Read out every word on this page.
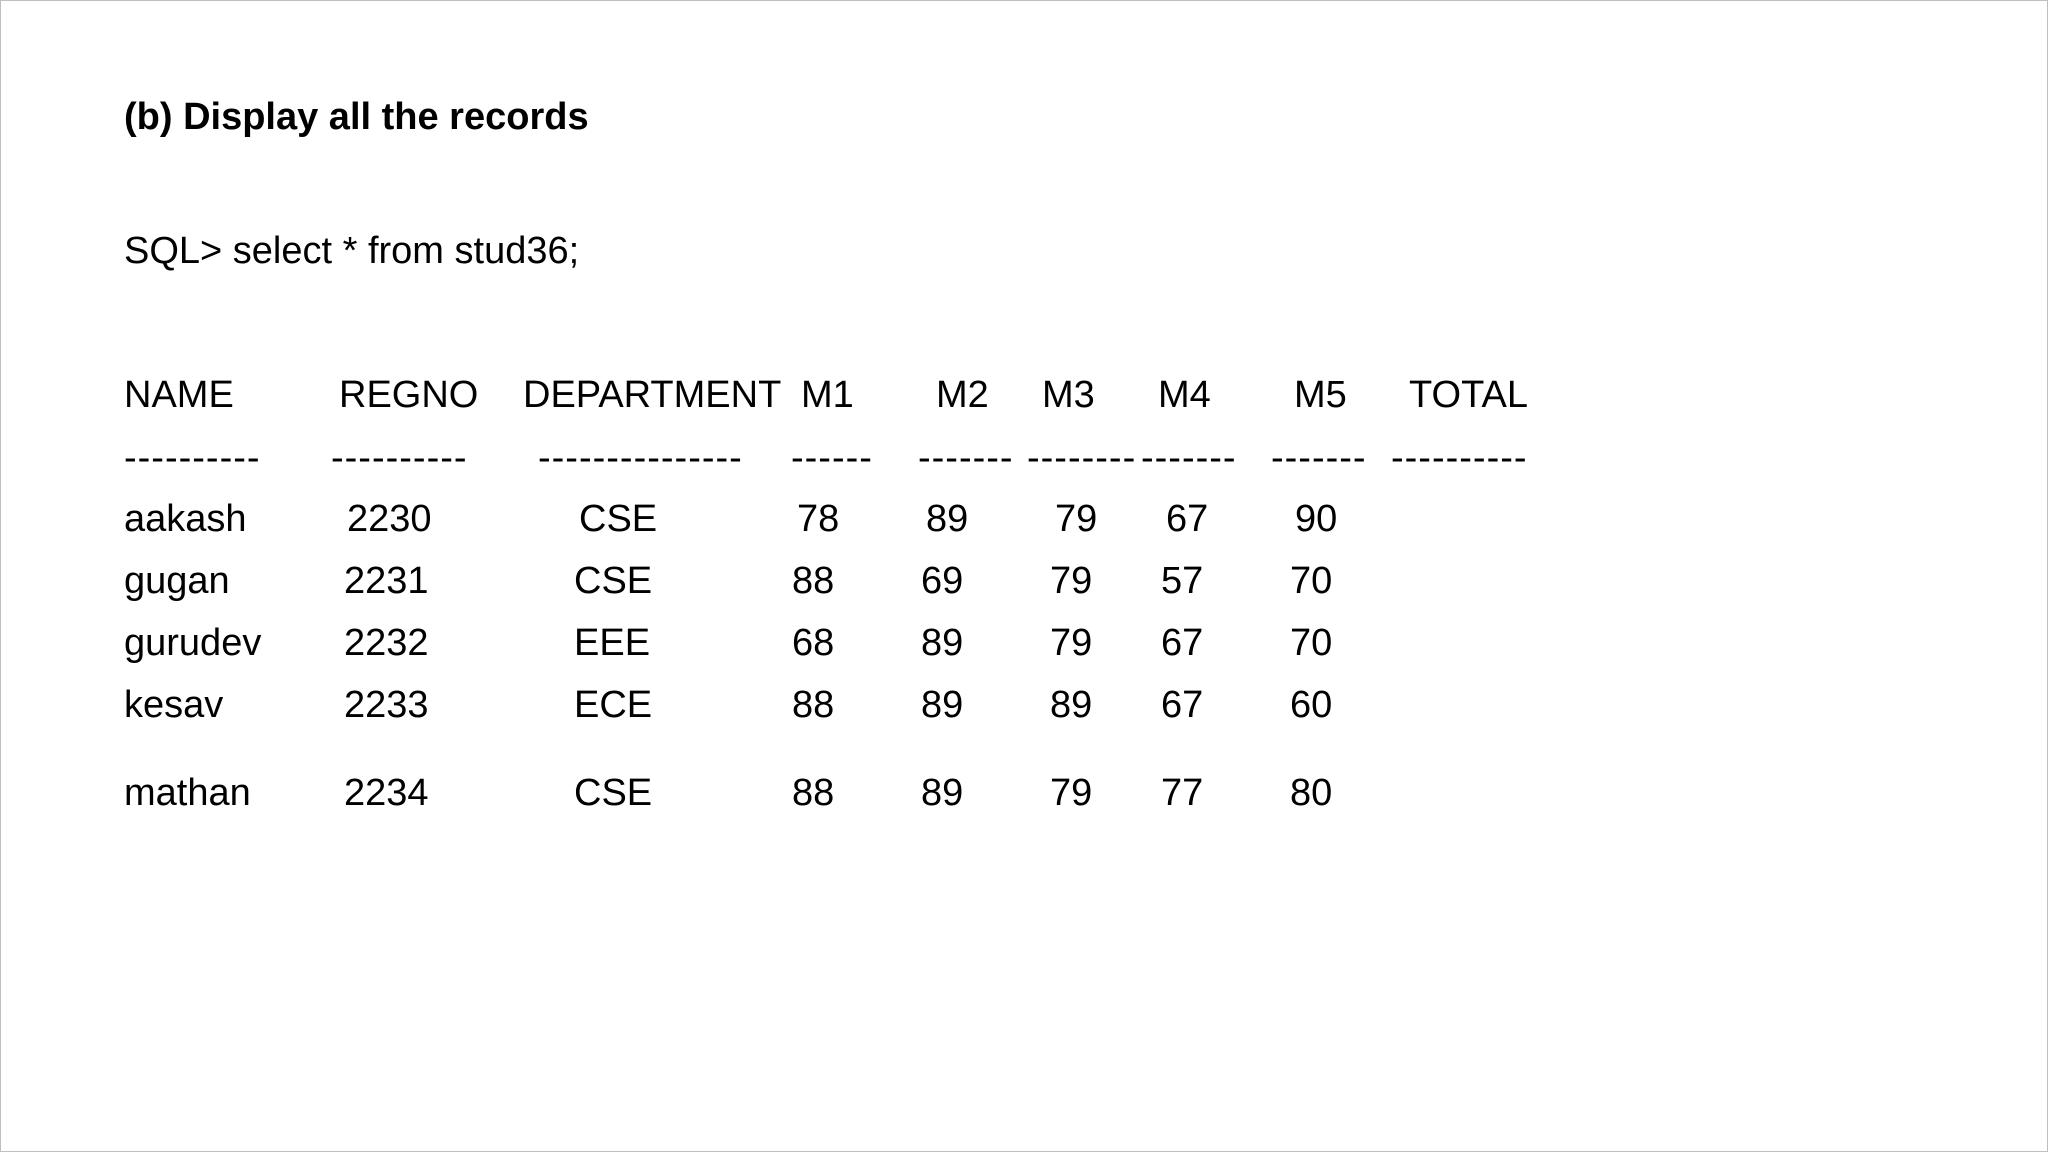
(b) Display all the records
SQL> select * from stud36;
NAME	REGNO DEPARTMENT M1 M2 M3 M4 M5 TOTAL
---------- ---------- --------------- ------ ------- -------- ------- ------- ----------
aakash	2230	CSE	78 89 79 67 90
gugan	2231	CSE	88 69 79 57 70
gurudev 2232	EEE	68 89 79 67 70
kesav	2233	ECE	88 89 89 67 60
mathan 2234	CSE	88 89 79 77 80
